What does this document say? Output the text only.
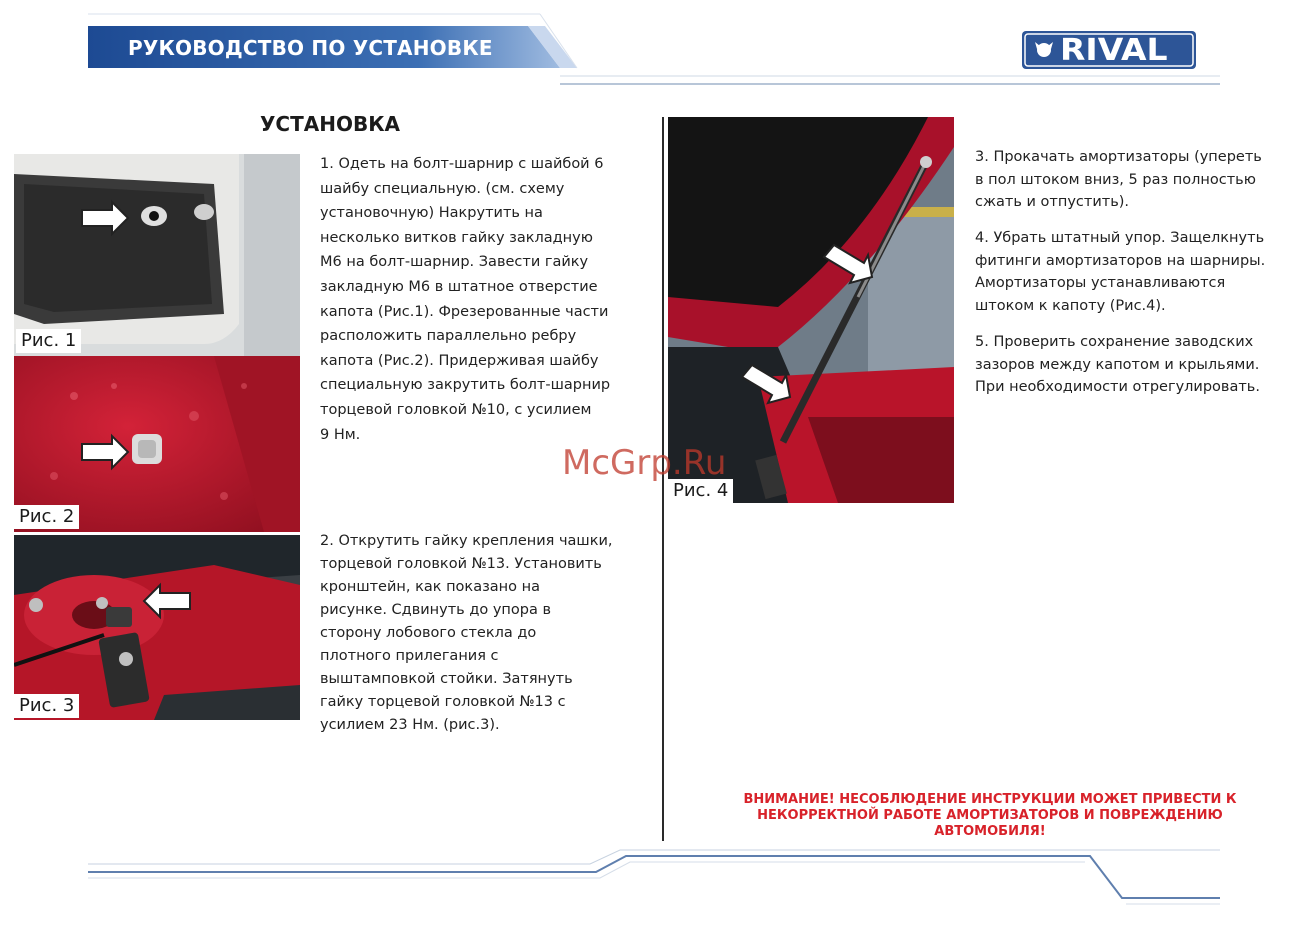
РУКОВОДСТВО ПО УСТАНОВКЕ	RIVAL
УСТАНОВКА
Рис. 1
Рис. 2
Рис. 3
Рис. 4
1. Одеть на болт-шарнир с шайбой 6
шайбу специальную. (см. схему
установочную) Накрутить на
несколько витков гайку закладную
М6 на болт-шарнир. Завести гайку
закладную М6 в штатное отверстие
капота (Рис.1). Фрезерованные части
расположить параллельно ребру
капота (Рис.2). Придерживая шайбу
специальную закрутить болт-шарнир
торцевой головкой №10, с усилием
9 Нм.
2. Открутить гайку крепления чашки,
торцевой головкой №13. Установить
кронштейн, как показано на
рисунке. Сдвинуть до упора в
сторону лобового стекла до
плотного прилегания с
выштамповкой стойки. Затянуть
гайку торцевой головкой №13 с
усилием 23 Нм. (рис.3).
3. Прокачать амортизаторы (упереть
в пол штоком вниз, 5 раз полностью
сжать и отпустить).
4. Убрать штатный упор. Защелкнуть
фитинги амортизаторов на шарниры.
Амортизаторы устанавливаются
штоком к капоту (Рис.4).
5. Проверить сохранение заводских
зазоров между капотом и крыльями.
При необходимости отрегулировать.
ВНИМАНИЕ! НЕСОБЛЮДЕНИЕ ИНСТРУКЦИИ МОЖЕТ ПРИВЕСТИ К
НЕКОРРЕКТНОЙ РАБОТЕ АМОРТИЗАТОРОВ И ПОВРЕЖДЕНИЮ
АВТОМОБИЛЯ!
McGrp.Ru
